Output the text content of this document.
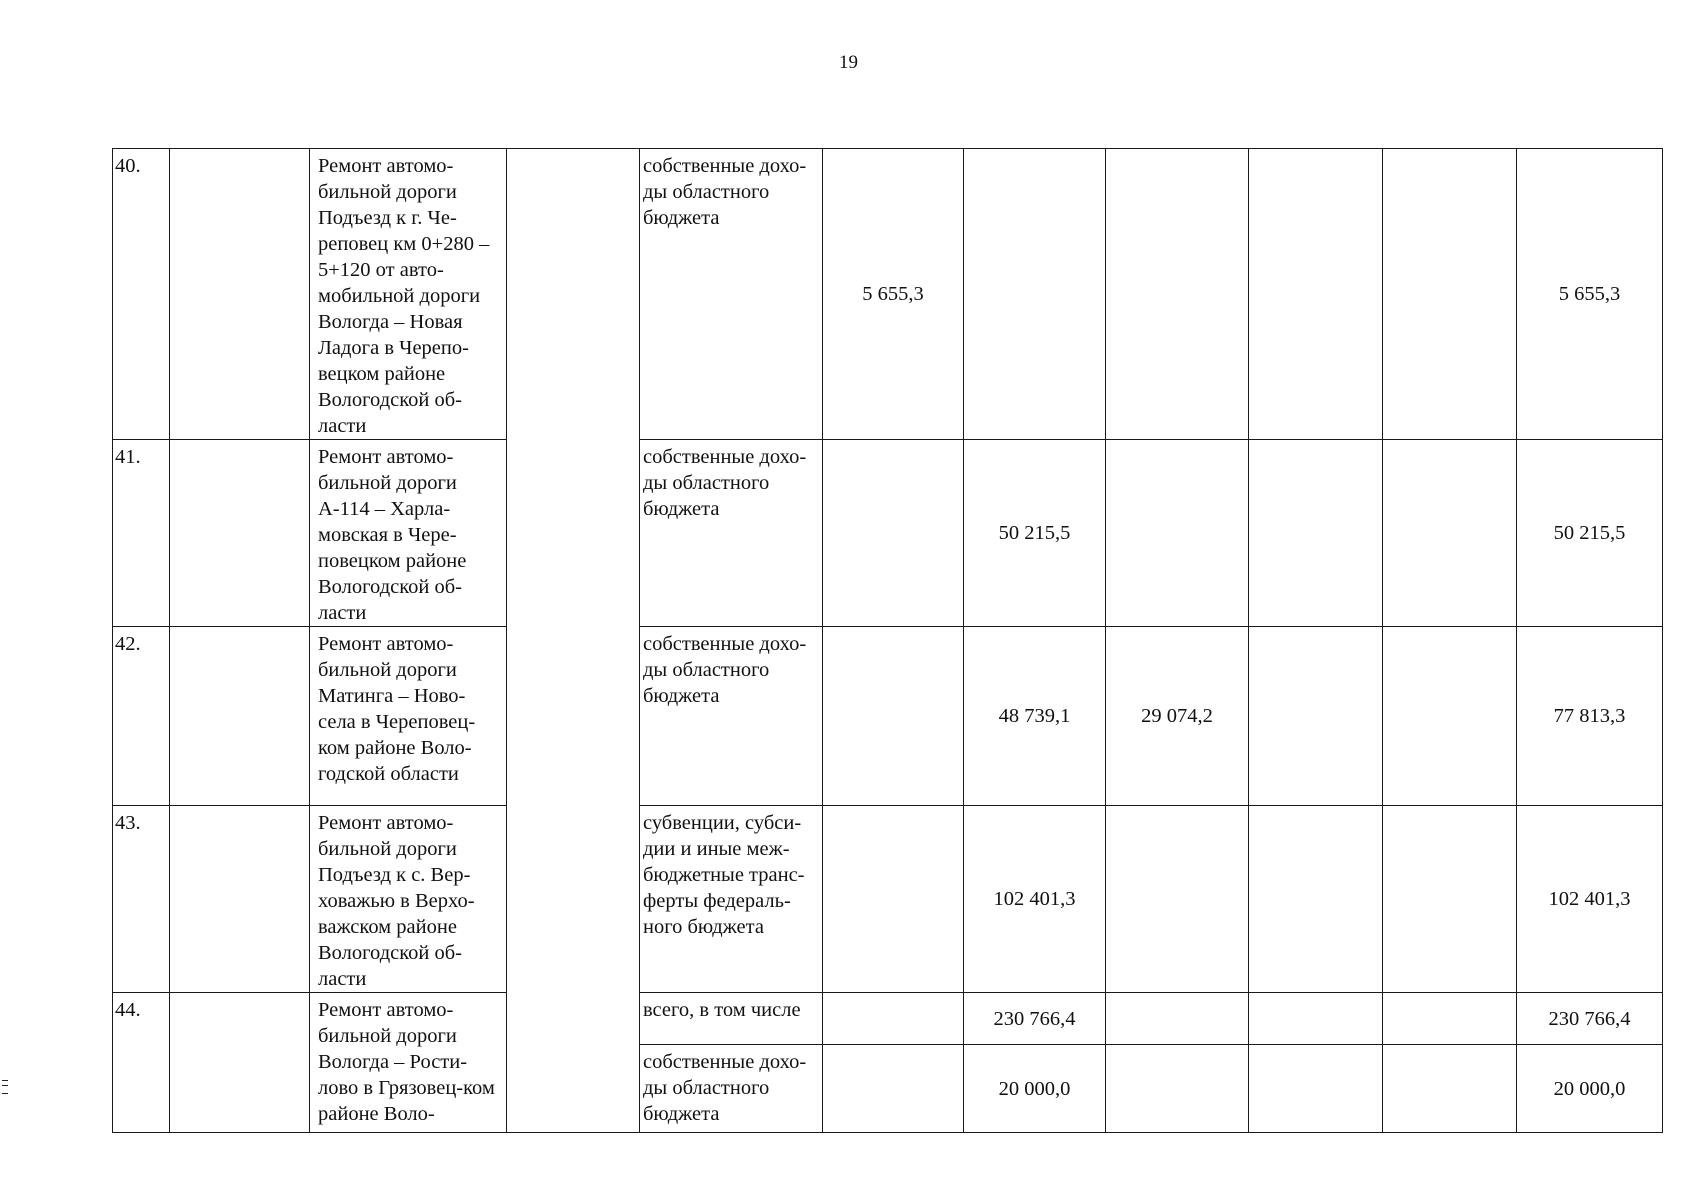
19
40.		Ремонт автомо-бильной дороги Подъезд к г. Че-реповец км 0+280 – 5+120 от авто-мобильной дороги Вологда – Новая Ладога в Черепо-вецком районе Вологодской об-ласти		собственные дохо-ды областного бюджета	5 655,3					5 655,3
41.		Ремонт автомо-бильной дороги А-114 – Харла-мовская в Чере-повецком районе Вологодской об-ласти		собственные дохо-ды областного бюджета		50 215,5				50 215,5
42.		Ремонт автомо-бильной дороги Матинга – Ново-села в Череповец-ком районе Воло-годской области		собственные дохо-ды областного бюджета		48 739,1	29 074,2			77 813,3
43.		Ремонт автомо-бильной дороги Подъезд к с. Вер-ховажью в Верхо-важском районе Вологодской об-ласти		субвенции, субси-дии и иные меж-бюджетные транс-ферты федераль-ного бюджета		102 401,3				102 401,3
44.		Ремонт автомо-бильной дороги Вологда – Рости-лово в Грязовец-ком районе Воло-		всего, в том числе		230 766,4				230 766,4
				собственные дохо-ды областного бюджета		20 000,0				20 000,0
